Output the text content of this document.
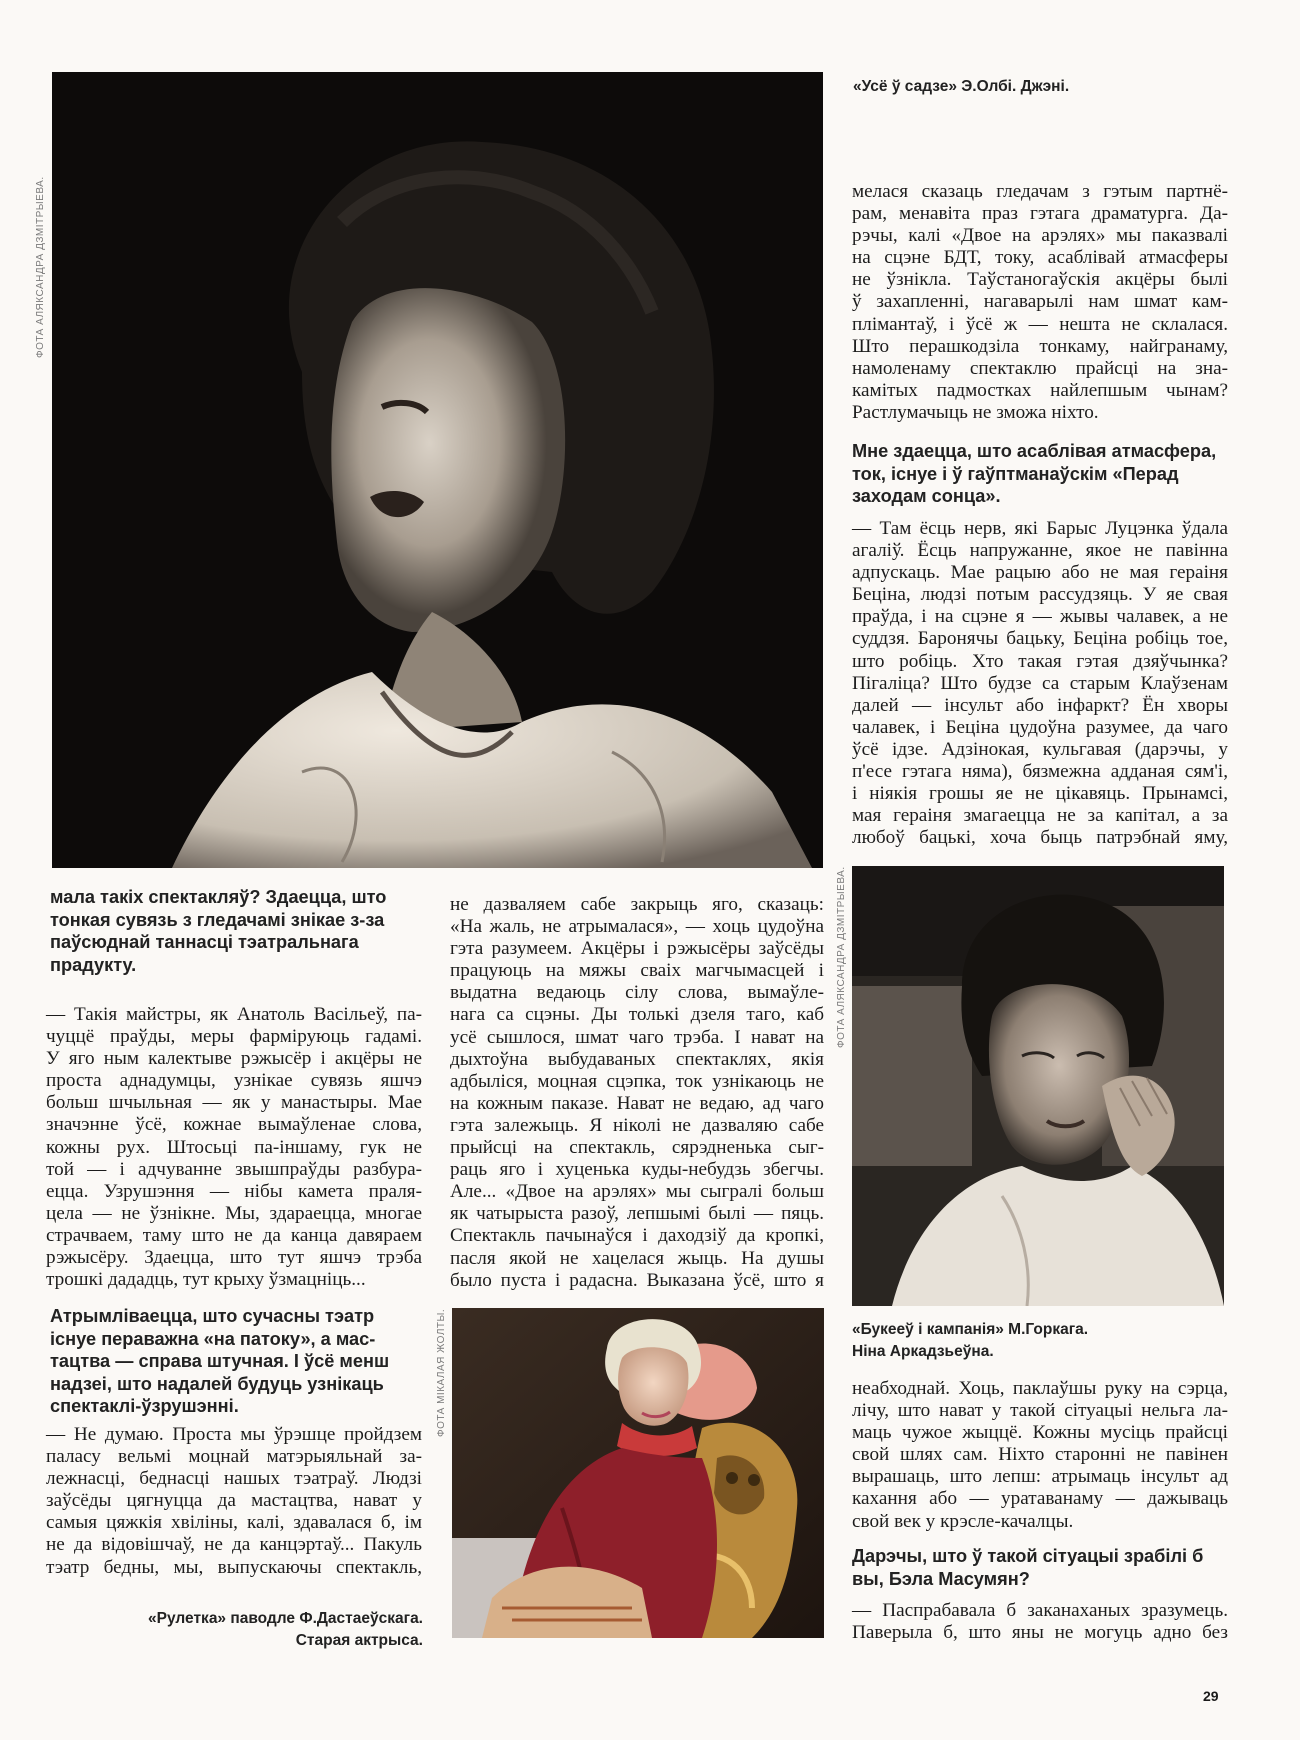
ФОТА АЛЯКСАНДРА ДЗМІТРЫЕВА.
«Усё ў садзе» Э.Олбі. Джэні.
мелася сказаць гледачам з гэтым партнё-
рам, менавіта праз гэтага драматурга. Да-
рэчы, калі «Двое на арэлях» мы паказвалі
на сцэне БДТ, току, асаблівай атмасферы
не ўзнікла. Таўстаногаўскія акцёры былі
ў захапленні, нагаварылі нам шмат кам-
плімантаў, і ўсё ж — нешта не склалася.
Што перашкодзіла тонкаму, найгранаму,
намоленаму спектаклю прайсці на зна-
камітых падмостках найлепшым чынам?
Растлумачыць не зможа ніхто.
Мне здаецца, што асаблівая атмасфера,
ток, існуе і ў гаўптманаўскім «Перад
заходам сонца».
— Там ёсць нерв, які Барыс Луцэнка ўдала
агаліў. Ёсць напружанне, якое не павінна
адпускаць. Мае рацыю або не мая гераіня
Беціна, людзі потым рассудзяць. У яе свая
праўда, і на сцэне я — жывы чалавек, а не
суддзя. Баронячы бацьку, Беціна робіць тое,
што робіць. Хто такая гэтая дзяўчынка?
Пігаліца? Што будзе са старым Клаўзенам
далей — інсульт або інфаркт? Ён хворы
чалавек, і Беціна цудоўна разумее, да чаго
ўсё ідзе. Адзінокая, кульгавая (дарэчы, у
п'есе гэтага няма), бязмежна адданая сям'і,
і ніякія грошы яе не цікавяць. Прынамсі,
мая гераіня змагаецца не за капітал, а за
любоў бацькі, хоча быць патрэбнай яму,
ФОТА АЛЯКСАНДРА ДЗМІТРЫЕВА.
«Букееў і кампанія» М.Горкага.
Ніна Аркадзьеўна.
неабходнай. Хоць, паклаўшы руку на сэрца,
лічу, што нават у такой сітуацыі нельга ла-
маць чужое жыццё. Кожны мусіць прайсці
свой шлях сам. Ніхто староннi не павінен
вырашаць, што лепш: атрымаць інсульт ад
кахання або — уратаванаму — дажываць
свой век у крэсле-качалцы.
Дарэчы, што ў такой сітуацыі зрабілі б
вы, Бэла Масумян?
— Паспрабавала б заканаханых зразумець.
Паверыла б, што яны не могуць адно без
мала такіх спектакляў? Здаецца, што
тонкая сувязь з гледачамі знікае з-за
паўсюднай таннасці тэатральнага
прадукту.
— Такія майстры, як Анатоль Васільеў, па-
чуццё праўды, меры фарміруюць гадамі.
У яго ным калектыве рэжысёр і акцёры не
проста аднадумцы, узнікае сувязь яшчэ
больш шчыльная — як у манастыры. Мае
значэнне ўсё, кожнае вымаўленае слова,
кожны рух. Штосьці па-іншаму, гук не
той — і адчуванне звышпраўды разбура-
ецца. Узрушэння — нібы камета праля-
цела — не ўзнікне. Мы, здараецца, многае
страчваем, таму што не да канца давяраем
рэжысёру. Здаецца, што тут яшчэ трэба
трошкі дададць, тут крыху ўзмацніць...
Атрымліваецца, што сучасны тэатр
існуе пераважна «на патоку», а мас-
тацтва — справа штучная. І ўсё менш
надзеі, што надалей будуць узнікаць
спектаклі-ўзрушэнні.
— Не думаю. Проста мы ўрэшце пройдзем
паласу вельмі моцнай матэрыяльнай за-
лежнасці, беднасці нашых тэатраў. Людзі
заўсёды цягнуцца да мастацтва, нават у
самыя цяжкія хвіліны, калі, здавалася б, ім
не да відовішчаў, не да канцэртаў... Пакуль
тэатр бедны, мы, выпускаючы спектакль,
«Рулетка» паводле Ф.Дастаеўскага.
Старая актрыса.
не дазваляем сабе закрыць яго, сказаць:
«На жаль, не атрымалася», — хоць цудоўна
гэта разумеем. Акцёры і рэжысёры заўсёды
працуюць на мяжы сваіх магчымасцей і
выдатна ведаюць сілу слова, вымаўле-
нага са сцэны. Ды толькі дзеля таго, каб
усё сышлося, шмат чаго трэба. І нават на
дыхтоўна выбудаваных спектаклях, якія
адбыліся, моцная сцэпка, ток узнікаюць не
на кожным паказе. Нават не ведаю, ад чаго
гэта залежыць. Я ніколі не дазваляю сабе
прыйсці на спектакль, сярэдненька сыг-
раць яго і хуценька куды-небудзь збегчы.
Але... «Двое на арэлях» мы сыгралі больш
як чатырыста разоў, лепшымі былі — пяць.
Спектакль пачынаўся і даходзіў да кропкі,
пасля якой не хацелася жыць. На душы
было пуста і радасна. Выказана ўсё, што я
ФОТА МІКАЛАЯ ЖОЛТЫ.
29
